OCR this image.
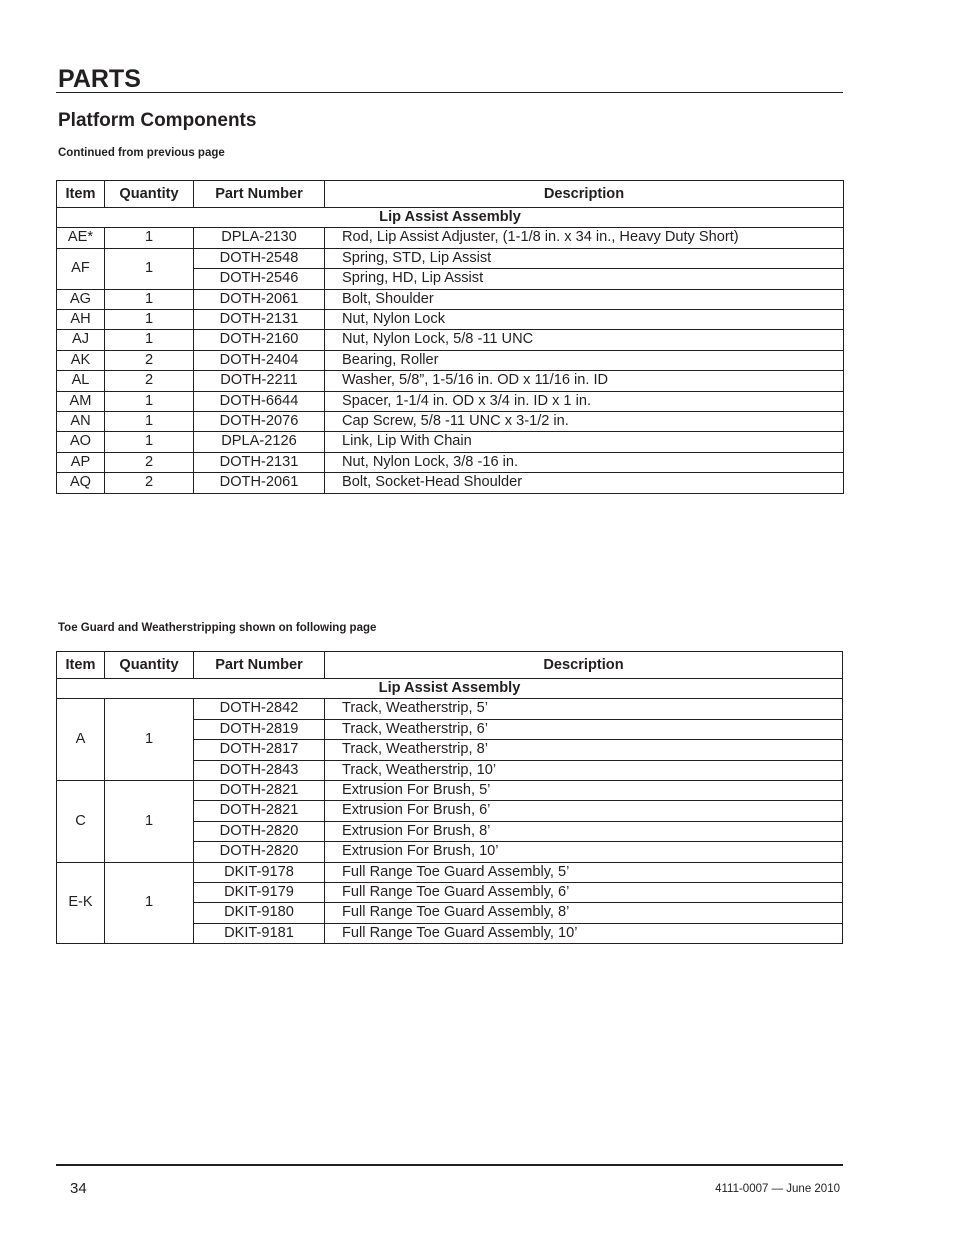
PARTS
Platform Components

Continued from previous page

Item	Quantity	Part Number	Description
Lip Assist Assembly			
AE*	1	DPLA-2130	Rod, Lip Assist Adjuster, (1-1/8 in. x 34 in., Heavy Duty Short)
AF	1	DOTH-2548	Spring, STD, Lip Assist
		DOTH-2546	Spring, HD, Lip Assist
AG	1	DOTH-2061	Bolt, Shoulder
AH	1	DOTH-2131	Nut, Nylon Lock
AJ	1	DOTH-2160	Nut, Nylon Lock, 5/8 -11 UNC
AK	2	DOTH-2404	Bearing, Roller
AL	2	DOTH-2211	Washer, 5/8”, 1-5/16 in. OD x 11/16 in. ID
AM	1	DOTH-6644	Spacer, 1-1/4 in. OD x 3/4 in. ID x 1 in.
AN	1	DOTH-2076	Cap Screw, 5/8 -11 UNC x 3-1/2 in.
AO	1	DPLA-2126	Link, Lip With Chain
AP	2	DOTH-2131	Nut, Nylon Lock, 3/8 -16 in.
AQ	2	DOTH-2061	Bolt, Socket-Head Shoulder

Toe Guard and Weatherstripping shown on following page

Item	Quantity	Part Number	Description
Lip Assist Assembly			
A	1	DOTH-2842	Track, Weatherstrip, 5’
		DOTH-2819	Track, Weatherstrip, 6’
		DOTH-2817	Track, Weatherstrip, 8’
		DOTH-2843	Track, Weatherstrip, 10’
C	1	DOTH-2821	Extrusion For Brush, 5’
		DOTH-2821	Extrusion For Brush, 6’
		DOTH-2820	Extrusion For Brush, 8’
		DOTH-2820	Extrusion For Brush, 10’
E-K	1	DKIT-9178	Full Range Toe Guard Assembly, 5’
		DKIT-9179	Full Range Toe Guard Assembly, 6’
		DKIT-9180	Full Range Toe Guard Assembly, 8’
		DKIT-9181	Full Range Toe Guard Assembly, 10’

34	4111-0007 — June 2010
